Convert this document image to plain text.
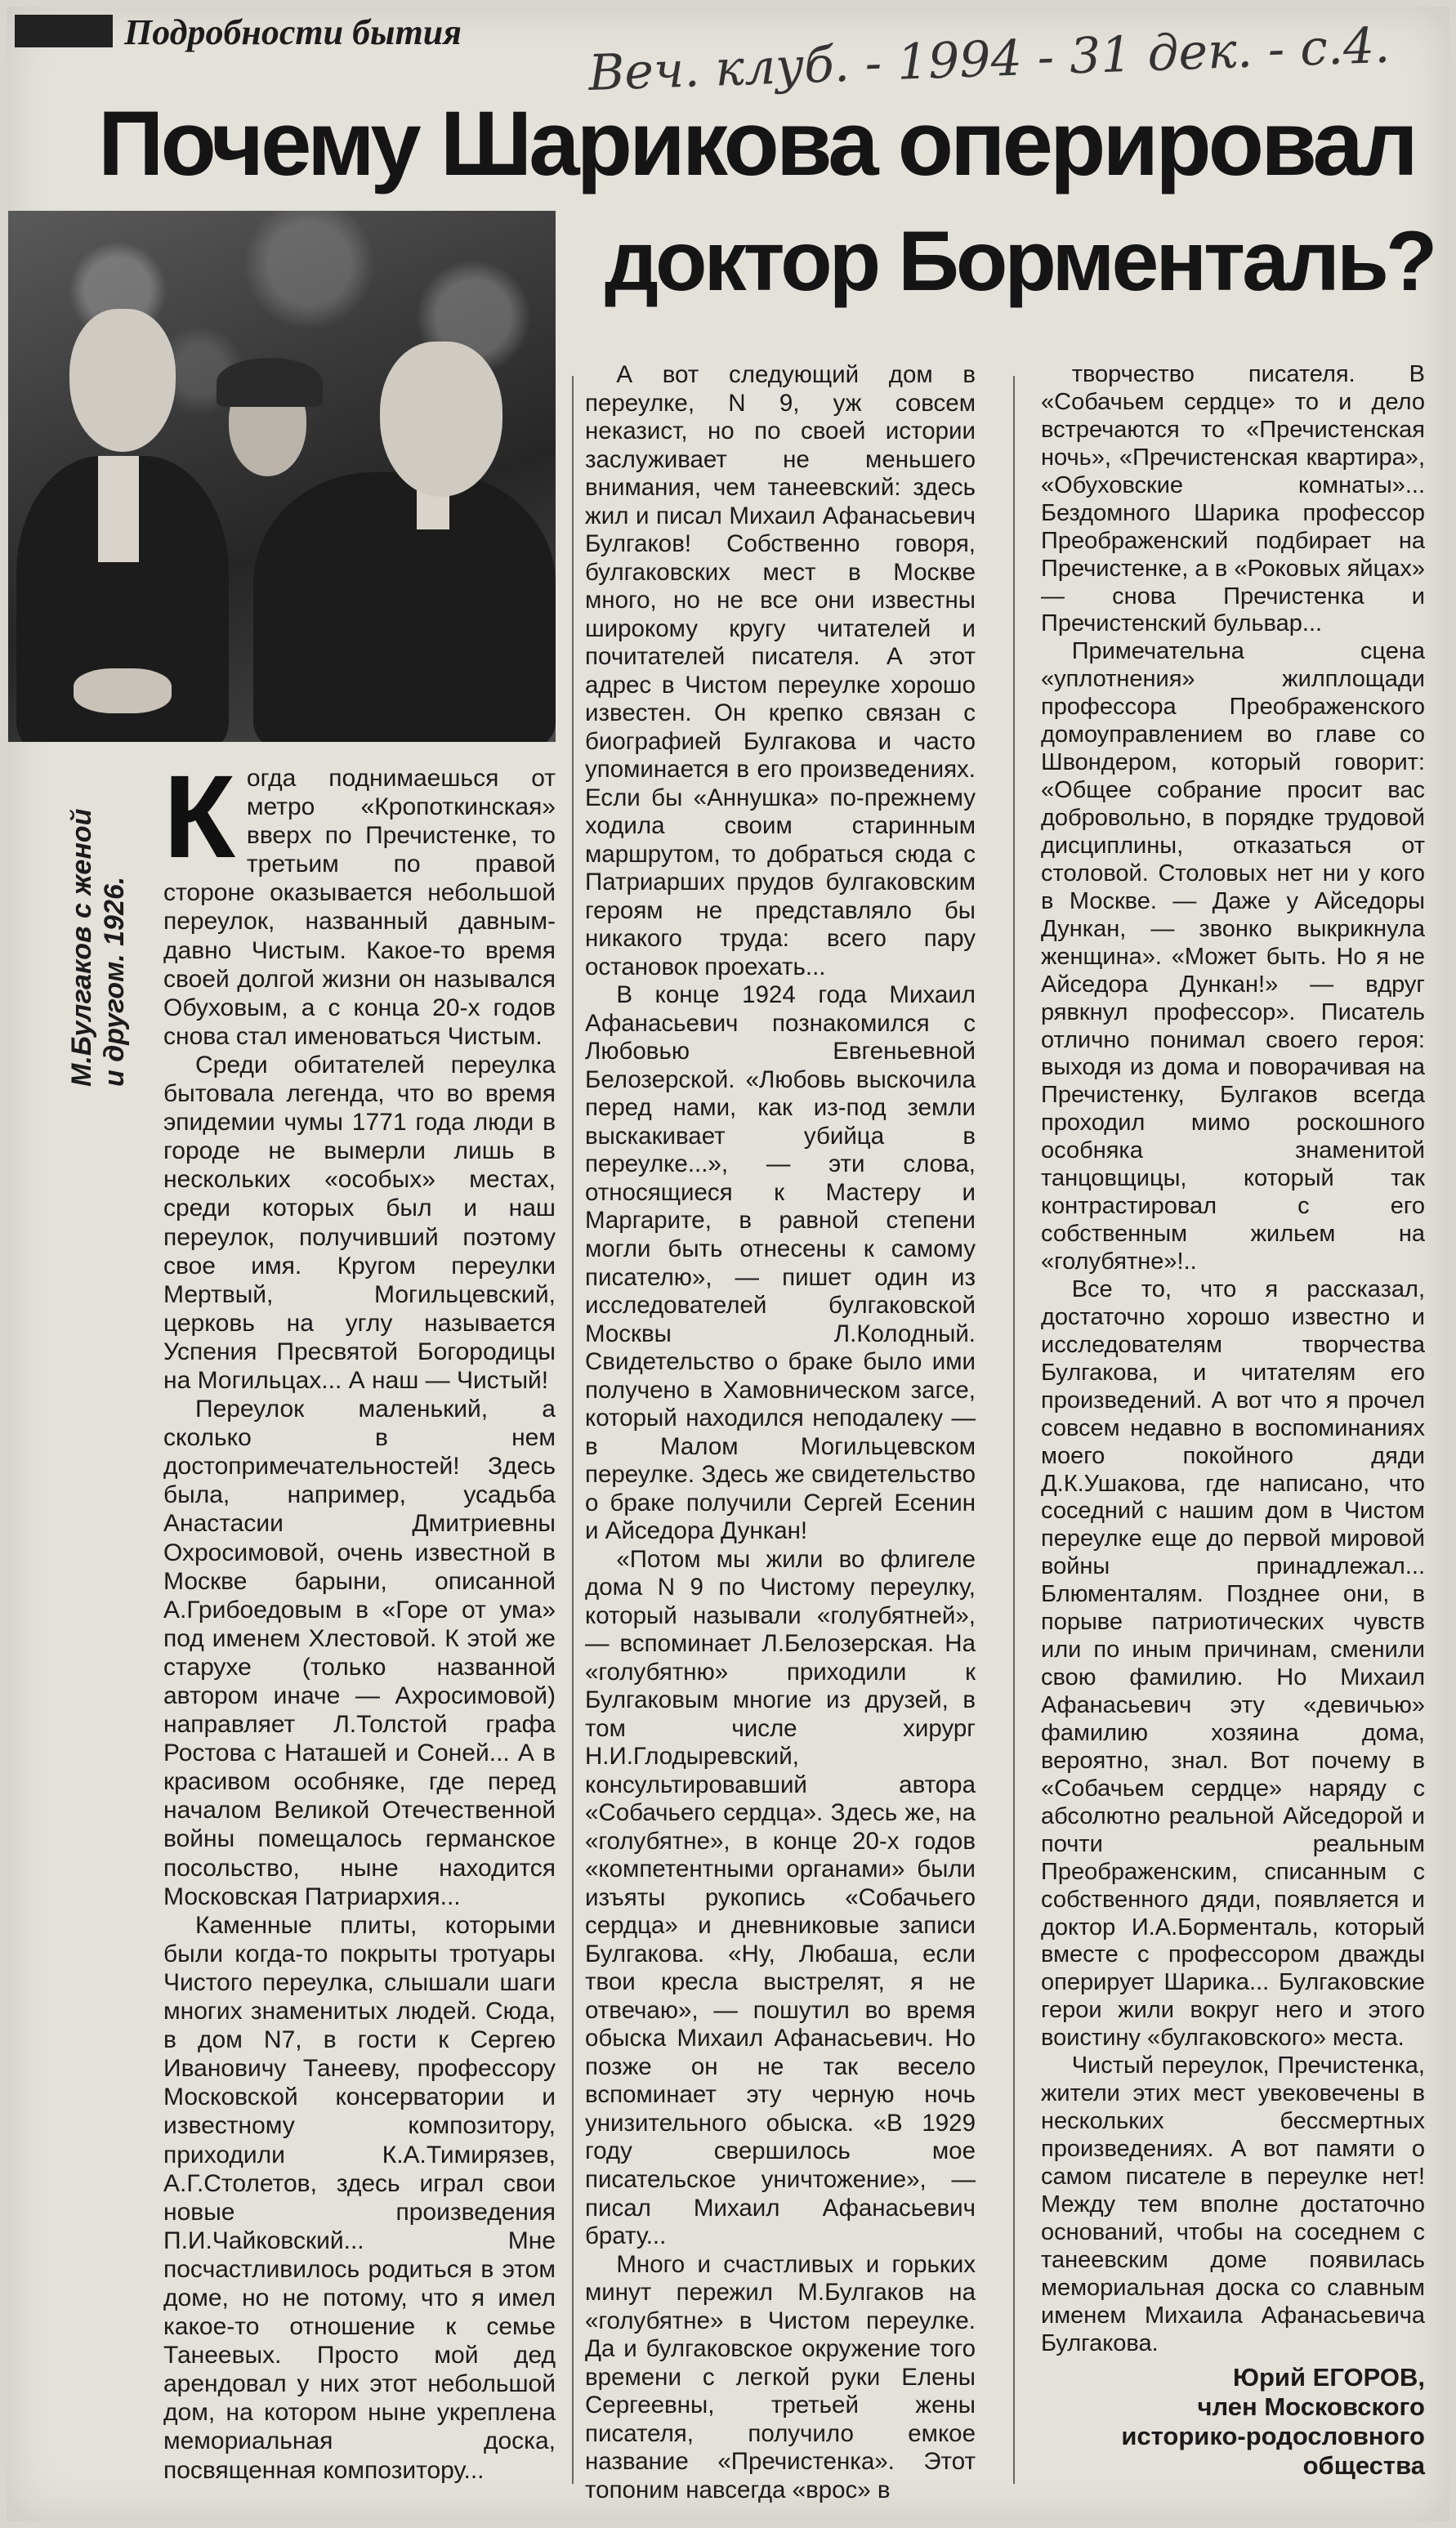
Подробности бытия	Веч. клуб. - 1994 - 31 дек. - с.4.
Почему Шарикова оперировал
доктор Борменталь?
М.Булгаков с женой и другом. 1926.
К огда поднимаешься от метро «Кропоткинская» вверх по Пречистенке, то третьим по правой стороне оказывается небольшой переулок, названный давным-давно Чистым. Какое-то время своей долгой жизни он назывался Обуховым, а с конца 20-х годов снова стал именоваться Чистым.

Среди обитателей переулка бытовала легенда, что во время эпидемии чумы 1771 года люди в городе не вымерли лишь в нескольких «особых» местах, среди которых был и наш переулок, получивший поэтому свое имя. Кругом переулки Мертвый, Могильцевский, церковь на углу называется Успения Пресвятой Богородицы на Могильцах... А наш — Чистый!

Переулок маленький, а сколько в нем достопримечательностей! Здесь была, например, усадьба Анастасии Дмитриевны Охросимовой, очень известной в Москве барыни, описанной А.Грибоедовым в «Горе от ума» под именем Хлестовой. К этой же старухе (только названной автором иначе — Ахросимовой) направляет Л.Толстой графа Ростова с Наташей и Соней... А в красивом особняке, где перед началом Великой Отечественной войны помещалось германское посольство, ныне находится Московская Патриархия...

Каменные плиты, которыми были когда-то покрыты тротуары Чистого переулка, слышали шаги многих знаменитых людей. Сюда, в дом N7, в гости к Сергею Ивановичу Танееву, профессору Московской консерватории и известному композитору, приходили К.А.Тимирязев, А.Г.Столетов, здесь играл свои новые произведения П.И.Чайковский... Мне посчастливилось родиться в этом доме, но не потому, что я имел какое-то отношение к семье Танеевых. Просто мой дед арендовал у них этот небольшой дом, на котором ныне укреплена мемориальная доска, посвященная композитору...

А вот следующий дом в переулке, N 9, уж совсем неказист, но по своей истории заслуживает не меньшего внимания, чем танеевский: здесь жил и писал Михаил Афанасьевич Булгаков! Собственно говоря, булгаковских мест в Москве много, но не все они известны широкому кругу читателей и почитателей писателя. А этот адрес в Чистом переулке хорошо известен. Он крепко связан с биографией Булгакова и часто упоминается в его произведениях. Если бы «Аннушка» по-прежнему ходила своим старинным маршрутом, то добраться сюда с Патриарших прудов булгаковским героям не представляло бы никакого труда: всего пару остановок проехать...

В конце 1924 года Михаил Афанасьевич познакомился с Любовью Евгеньевной Белозерской. «Любовь выскочила перед нами, как из-под земли выскакивает убийца в переулке...», — эти слова, относящиеся к Мастеру и Маргарите, в равной степени могли быть отнесены к самому писателю», — пишет один из исследователей булгаковской Москвы Л.Колодный. Свидетельство о браке было ими получено в Хамовническом загсе, который находился неподалеку — в Малом Могильцевском переулке. Здесь же свидетельство о браке получили Сергей Есенин и Айседора Дункан!

«Потом мы жили во флигеле дома N 9 по Чистому переулку, который называли «голубятней», — вспоминает Л.Белозерская. На «голубятню» приходили к Булгаковым многие из друзей, в том числе хирург Н.И.Глодыревский, консультировавший автора «Собачьего сердца». Здесь же, на «голубятне», в конце 20-х годов «компетентными органами» были изъяты рукопись «Собачьего сердца» и дневниковые записи Булгакова. «Ну, Любаша, если твои кресла выстрелят, я не отвечаю», — пошутил во время обыска Михаил Афанасьевич. Но позже он не так весело вспоминает эту черную ночь унизительного обыска. «В 1929 году свершилось мое писательское уничтожение», — писал Михаил Афанасьевич брату...

Много и счастливых и горьких минут пережил М.Булгаков на «голубятне» в Чистом переулке. Да и булгаковское окружение того времени с легкой руки Елены Сергеевны, третьей жены писателя, получило емкое название «Пречистенка». Этот топоним навсегда «врос» в

творчество писателя. В «Собачьем сердце» то и дело встречаются то «Пречистенская ночь», «Пречистенская квартира», «Обуховские комнаты»... Бездомного Шарика профессор Преображенский подбирает на Пречистенке, а в «Роковых яйцах» — снова Пречистенка и Пречистенский бульвар...

Примечательна сцена «уплотнения» жилплощади профессора Преображенского домоуправлением во главе со Швондером, который говорит: «Общее собрание просит вас добровольно, в порядке трудовой дисциплины, отказаться от столовой. Столовых нет ни у кого в Москве. — Даже у Айседоры Дункан, — звонко выкрикнула женщина». «Может быть. Но я не Айседора Дункан!» — вдруг рявкнул профессор». Писатель отлично понимал своего героя: выходя из дома и поворачивая на Пречистенку, Булгаков всегда проходил мимо роскошного особняка знаменитой танцовщицы, который так контрастировал с его собственным жильем на «голубятне»!..

Все то, что я рассказал, достаточно хорошо известно и исследователям творчества Булгакова, и читателям его произведений. А вот что я прочел совсем недавно в воспоминаниях моего покойного дяди Д.К.Ушакова, где написано, что соседний с нашим дом в Чистом переулке еще до первой мировой войны принадлежал... Блюменталям. Позднее они, в порыве патриотических чувств или по иным причинам, сменили свою фамилию. Но Михаил Афанасьевич эту «девичью» фамилию хозяина дома, вероятно, знал. Вот почему в «Собачьем сердце» наряду с абсолютно реальной Айседорой и почти реальным Преображенским, списанным с собственного дяди, появляется и доктор И.А.Борменталь, который вместе с профессором дважды оперирует Шарика... Булгаковские герои жили вокруг него и этого воистину «булгаковского» места.

Чистый переулок, Пречистенка, жители этих мест увековечены в нескольких бессмертных произведениях. А вот памяти о самом писателе в переулке нет! Между тем вполне достаточно оснований, чтобы на соседнем с танеевским доме появилась мемориальная доска со славным именем Михаила Афанасьевича Булгакова.

Юрий ЕГОРОВ,
член Московского
историко-родословного
общества
